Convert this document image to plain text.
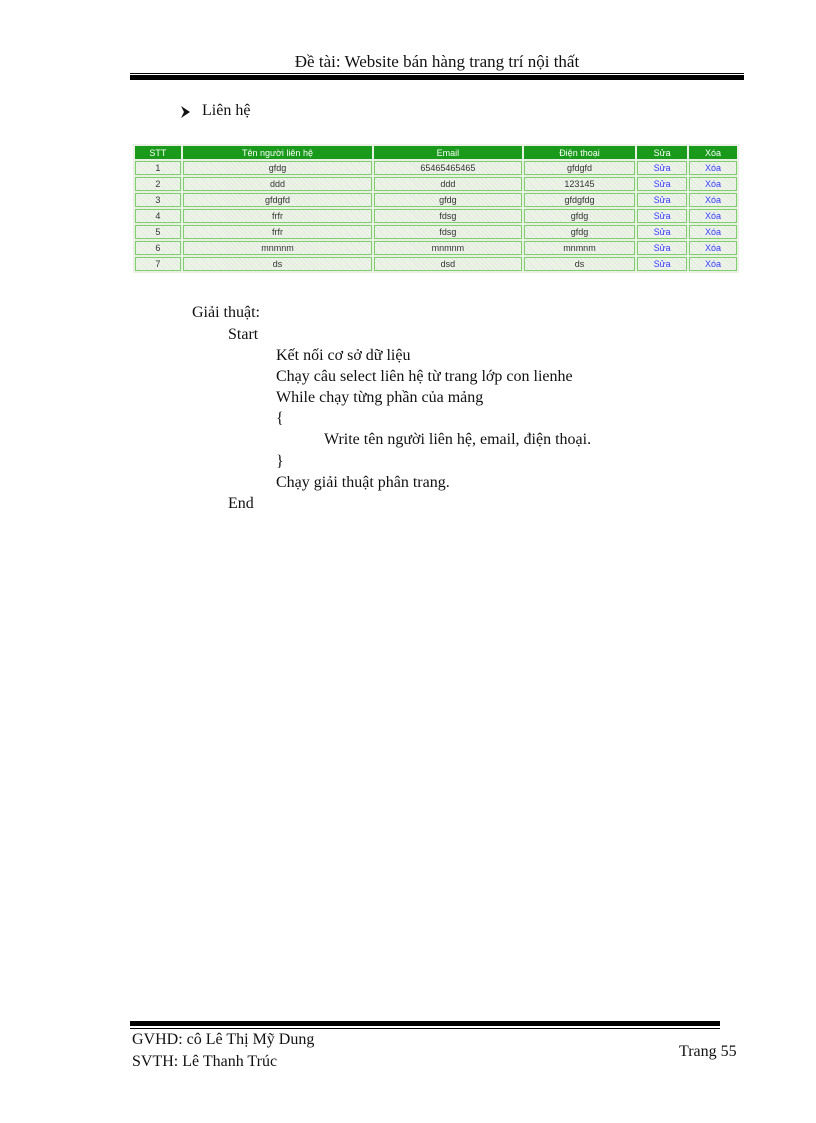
Đề tài: Website bán hàng trang trí nội thất
Liên hệ
STT	Tên người liên hệ	Email	Điện thoại	Sửa	Xóa
1	gfdg	65465465465	gfdgfd	Sửa	Xóa
2	ddd	ddd	123145	Sửa	Xóa
3	gfdgfd	gfdg	gfdgfdg	Sửa	Xóa
4	frfr	fdsg	gfdg	Sửa	Xóa
5	frfr	fdsg	gfdg	Sửa	Xóa
6	mnmnm	mnmnm	mnmnm	Sửa	Xóa
7	ds	dsd	ds	Sửa	Xóa
Giải thuật:
Start
Kết nối cơ sở dữ liệu
Chạy câu select liên hệ từ trang lớp con lienhe
While chạy từng phần của mảng
{
Write tên người liên hệ, email, điện thoại.
}
Chạy giải thuật phân trang.
End
GVHD: cô Lê Thị Mỹ Dung
SVTH: Lê Thanh Trúc
Trang 55
